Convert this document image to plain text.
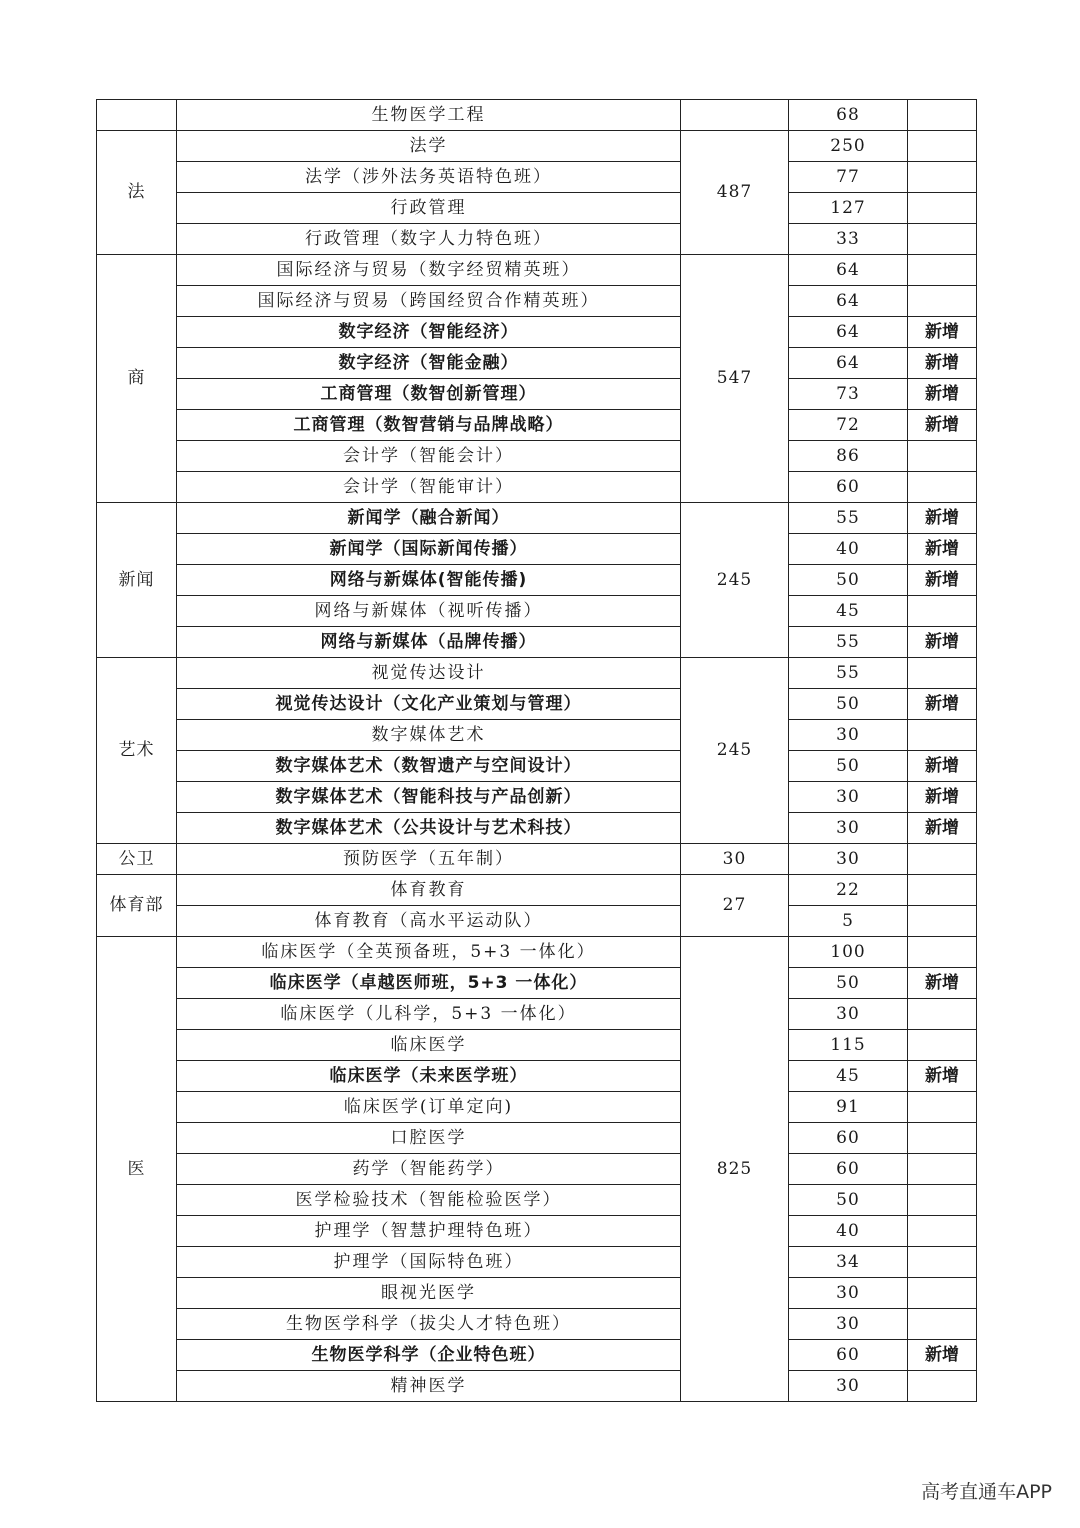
	生物医学工程		68	
法	法学	487	250	
	法学（涉外法务英语特色班）		77	
	行政管理		127	
	行政管理（数字人力特色班）		33	
商	国际经济与贸易（数字经贸精英班）	547	64	
	国际经济与贸易（跨国经贸合作精英班）		64	
	数字经济（智能经济）		64	新增
	数字经济（智能金融）		64	新增
	工商管理（数智创新管理）		73	新增
	工商管理（数智营销与品牌战略）		72	新增
	会计学（智能会计）		86	
	会计学（智能审计）		60	
新闻	新闻学（融合新闻）	245	55	新增
	新闻学（国际新闻传播）		40	新增
	网络与新媒体(智能传播)		50	新增
	网络与新媒体（视听传播）		45	
	网络与新媒体（品牌传播）		55	新增
艺术	视觉传达设计	245	55	
	视觉传达设计（文化产业策划与管理）		50	新增
	数字媒体艺术		30	
	数字媒体艺术（数智遗产与空间设计）		50	新增
	数字媒体艺术（智能科技与产品创新）		30	新增
	数字媒体艺术（公共设计与艺术科技）		30	新增
公卫	预防医学（五年制）	30	30	
体育部	体育教育	27	22	
	体育教育（高水平运动队）		5	
医	临床医学（全英预备班，5+3 一体化）	825	100	
	临床医学（卓越医师班，5+3 一体化）		50	新增
	临床医学（儿科学，5+3 一体化）		30	
	临床医学		115	
	临床医学（未来医学班）		45	新增
	临床医学(订单定向)		91	
	口腔医学		60	
	药学（智能药学）		60	
	医学检验技术（智能检验医学）		50	
	护理学（智慧护理特色班）		40	
	护理学（国际特色班）		34	
	眼视光医学		30	
	生物医学科学（拔尖人才特色班）		30	
	生物医学科学（企业特色班）		60	新增
	精神医学		30	
高考直通车APP
